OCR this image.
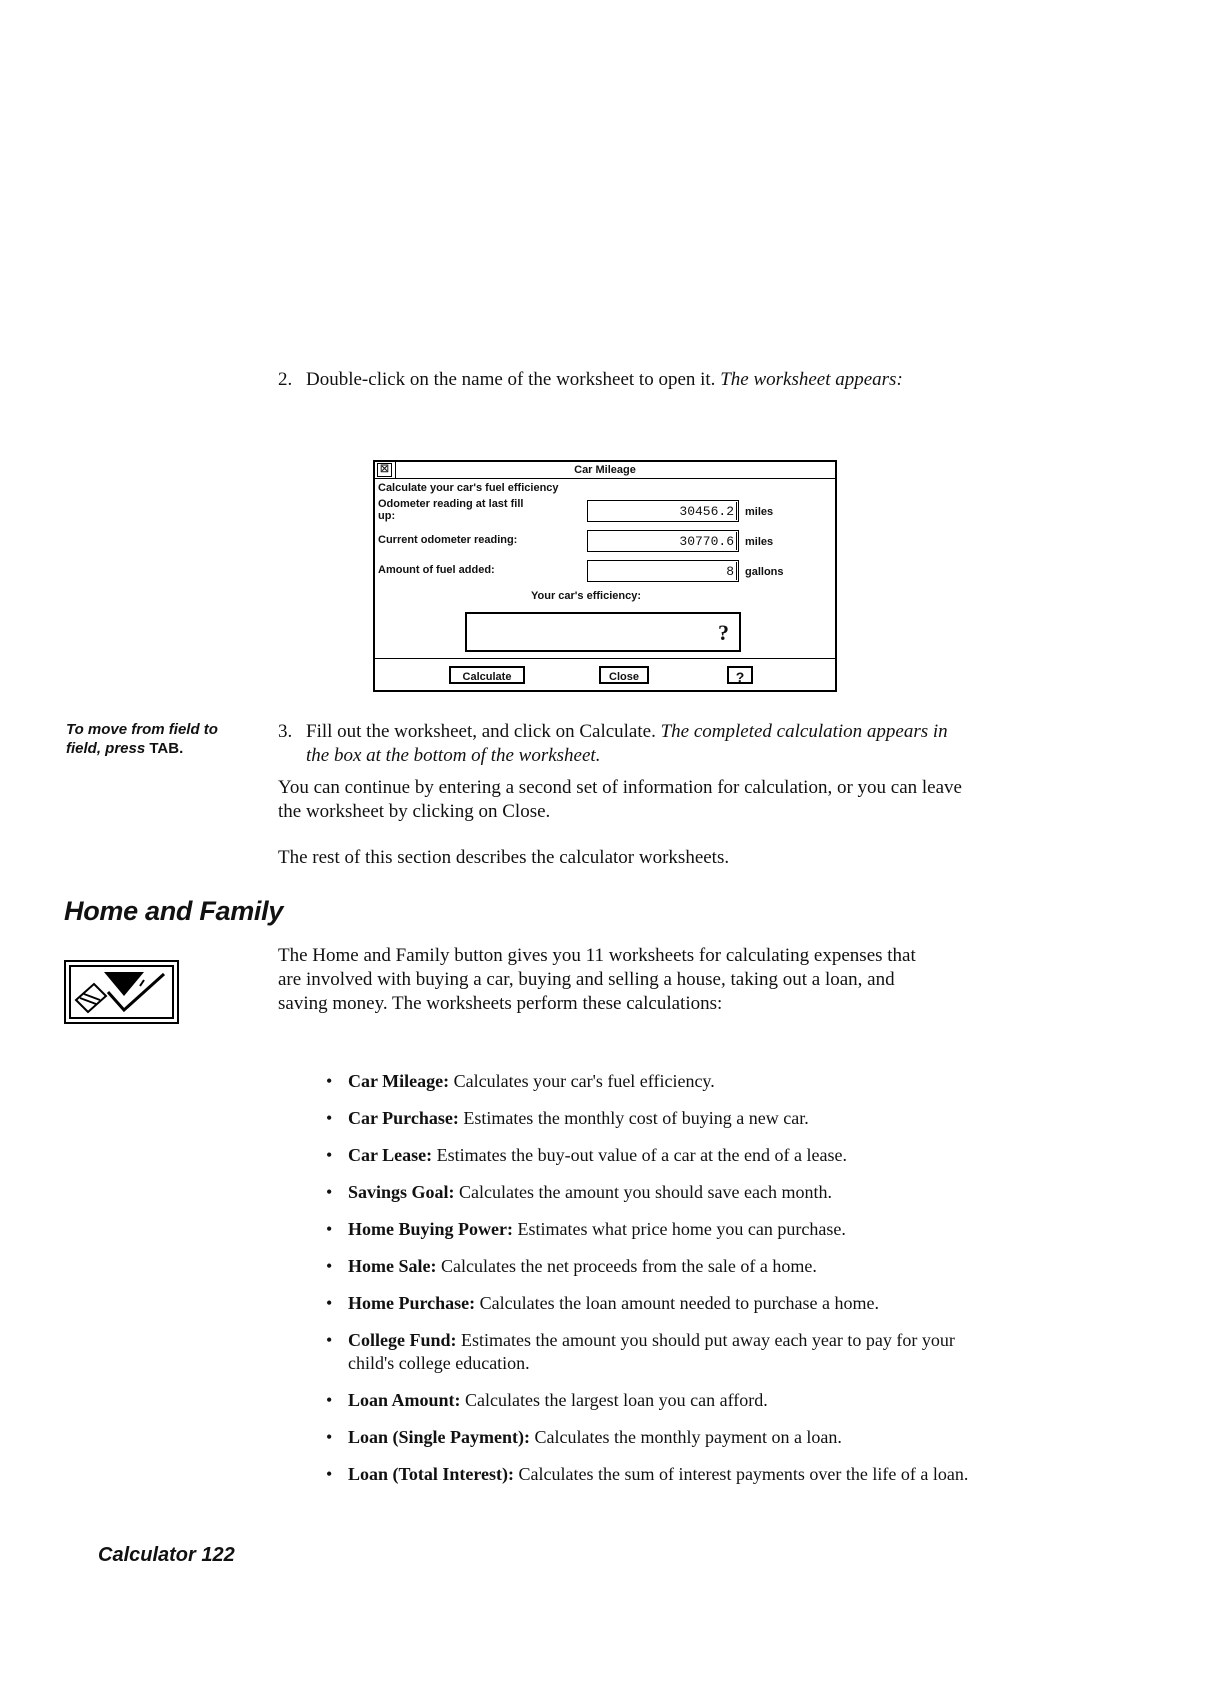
2. Double-click on the name of the worksheet to open it. The worksheet appears:
☒	Car Mileage
Calculate your car's fuel efficiency
Odometer reading at last fill
up:	30456.2	miles
Current odometer reading:	30770.6	miles
Amount of fuel added:	8	gallons
Your car's efficiency:
?
Calculate	Close	?
To move from field to field, press TAB.
3. Fill out the worksheet, and click on Calculate. The completed calculation appears in the box at the bottom of the worksheet.
You can continue by entering a second set of information for calculation, or you can leave the worksheet by clicking on Close.
The rest of this section describes the calculator worksheets.
Home and Family
The Home and Family button gives you 11 worksheets for calculating expenses that are involved with buying a car, buying and selling a house, taking out a loan, and saving money. The worksheets perform these calculations:
• Car Mileage: Calculates your car's fuel efficiency.
• Car Purchase: Estimates the monthly cost of buying a new car.
• Car Lease: Estimates the buy-out value of a car at the end of a lease.
• Savings Goal: Calculates the amount you should save each month.
• Home Buying Power: Estimates what price home you can purchase.
• Home Sale: Calculates the net proceeds from the sale of a home.
• Home Purchase: Calculates the loan amount needed to purchase a home.
• College Fund: Estimates the amount you should put away each year to pay for your child's college education.
• Loan Amount: Calculates the largest loan you can afford.
• Loan (Single Payment): Calculates the monthly payment on a loan.
• Loan (Total Interest): Calculates the sum of interest payments over the life of a loan.
Calculator 122
